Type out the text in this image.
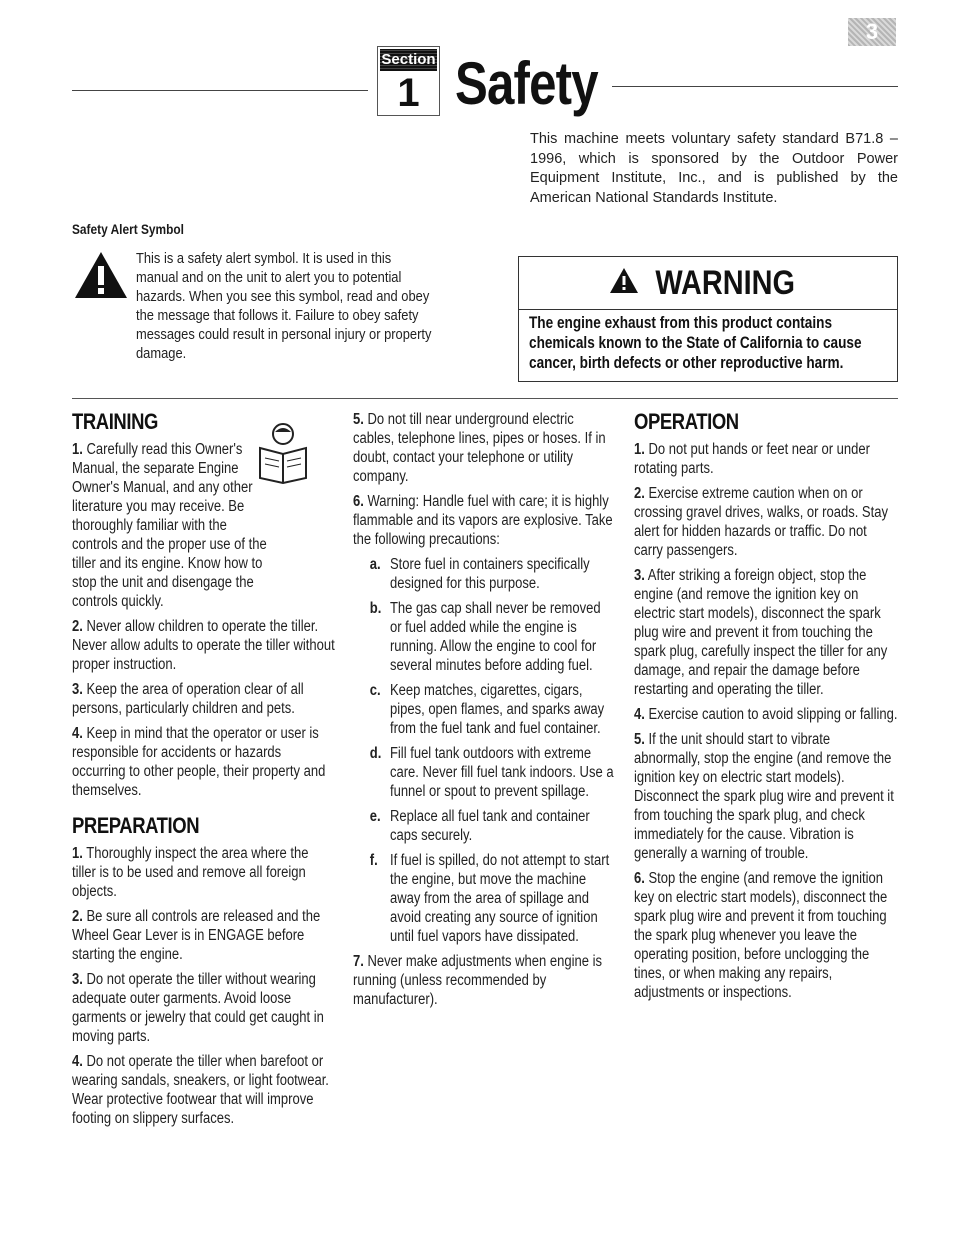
3
Section
1 Safety
This machine meets voluntary safety standard B71.8 – 1996, which is sponsored by the Outdoor Power Equipment Institute, Inc., and is published by the American National Standards Institute.
Safety Alert Symbol
This is a safety alert symbol. It is used in this manual and on the unit to alert you to potential hazards. When you see this symbol, read and obey the message that follows it. Failure to obey safety messages could result in personal injury or property damage.
WARNING
The engine exhaust from this product contains chemicals known to the State of California to cause cancer, birth defects or other reproductive harm.
TRAINING

1. Carefully read this Owner's Manual, the separate Engine Owner's Manual, and any other literature you may receive. Be thoroughly familiar with the controls and the proper use of the tiller and its engine. Know how to stop the unit and disengage the controls quickly.

2. Never allow children to operate the tiller. Never allow adults to operate the tiller without proper instruction.

3. Keep the area of operation clear of all persons, particularly children and pets.

4. Keep in mind that the operator or user is responsible for accidents or hazards occurring to other people, their property and themselves.

PREPARATION

1. Thoroughly inspect the area where the tiller is to be used and remove all foreign objects.

2. Be sure all controls are released and the Wheel Gear Lever is in ENGAGE before starting the engine.

3. Do not operate the tiller without wearing adequate outer garments. Avoid loose garments or jewelry that could get caught in moving parts.

4. Do not operate the tiller when barefoot or wearing sandals, sneakers, or light footwear. Wear protective footwear that will improve footing on slippery surfaces.

5. Do not till near underground electric cables, telephone lines, pipes or hoses. If in doubt, contact your telephone or utility company.

6. Warning: Handle fuel with care; it is highly flammable and its vapors are explosive. Take the following precautions:

a. Store fuel in containers specifically designed for this purpose.
b. The gas cap shall never be removed or fuel added while the engine is running. Allow the engine to cool for several minutes before adding fuel.
c. Keep matches, cigarettes, cigars, pipes, open flames, and sparks away from the fuel tank and fuel container.
d. Fill fuel tank outdoors with extreme care. Never fill fuel tank indoors. Use a funnel or spout to prevent spillage.
e. Replace all fuel tank and container caps securely.
f. If fuel is spilled, do not attempt to start the engine, but move the machine away from the area of spillage and avoid creating any source of ignition until fuel vapors have dissipated.

7. Never make adjustments when engine is running (unless recommended by manufacturer).

OPERATION

1. Do not put hands or feet near or under rotating parts.

2. Exercise extreme caution when on or crossing gravel drives, walks, or roads. Stay alert for hidden hazards or traffic. Do not carry passengers.

3. After striking a foreign object, stop the engine (and remove the ignition key on electric start models), disconnect the spark plug wire and prevent it from touching the spark plug, carefully inspect the tiller for any damage, and repair the damage before restarting and operating the tiller.

4. Exercise caution to avoid slipping or falling.

5. If the unit should start to vibrate abnormally, stop the engine (and remove the ignition key on electric start models). Disconnect the spark plug wire and prevent it from touching the spark plug, and check immediately for the cause. Vibration is generally a warning of trouble.

6. Stop the engine (and remove the ignition key on electric start models), disconnect the spark plug wire and prevent it from touching the spark plug whenever you leave the operating position, before unclogging the tines, or when making any repairs, adjustments or inspections.
